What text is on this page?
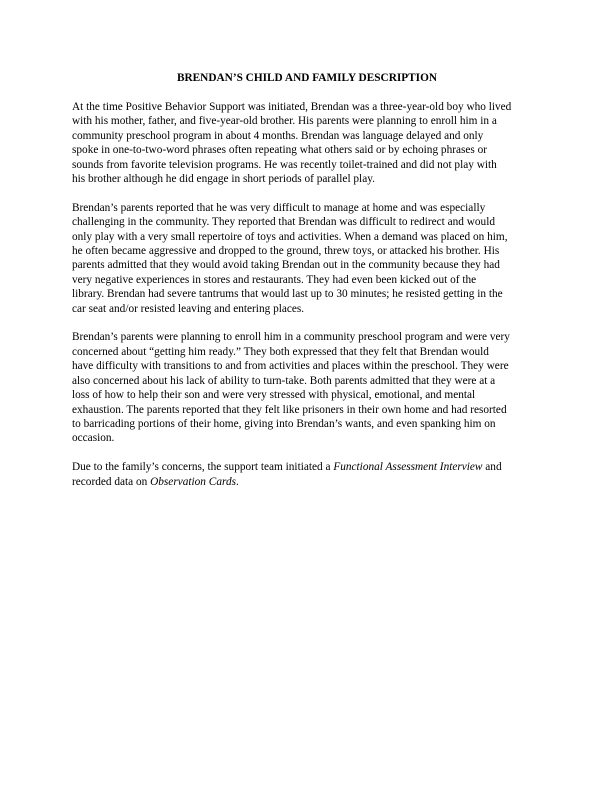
BRENDAN’S CHILD AND FAMILY DESCRIPTION

At the time Positive Behavior Support was initiated, Brendan was a three-year-old boy who lived
with his mother, father, and five-year-old brother. His parents were planning to enroll him in a
community preschool program in about 4 months. Brendan was language delayed and only
spoke in one-to-two-word phrases often repeating what others said or by echoing phrases or
sounds from favorite television programs. He was recently toilet-trained and did not play with
his brother although he did engage in short periods of parallel play.

Brendan’s parents reported that he was very difficult to manage at home and was especially
challenging in the community. They reported that Brendan was difficult to redirect and would
only play with a very small repertoire of toys and activities. When a demand was placed on him,
he often became aggressive and dropped to the ground, threw toys, or attacked his brother. His
parents admitted that they would avoid taking Brendan out in the community because they had
very negative experiences in stores and restaurants. They had even been kicked out of the
library. Brendan had severe tantrums that would last up to 30 minutes; he resisted getting in the
car seat and/or resisted leaving and entering places.

Brendan’s parents were planning to enroll him in a community preschool program and were very
concerned about “getting him ready.” They both expressed that they felt that Brendan would
have difficulty with transitions to and from activities and places within the preschool. They were
also concerned about his lack of ability to turn-take. Both parents admitted that they were at a
loss of how to help their son and were very stressed with physical, emotional, and mental
exhaustion. The parents reported that they felt like prisoners in their own home and had resorted
to barricading portions of their home, giving into Brendan’s wants, and even spanking him on
occasion.

Due to the family’s concerns, the support team initiated a Functional Assessment Interview and
recorded data on Observation Cards.
